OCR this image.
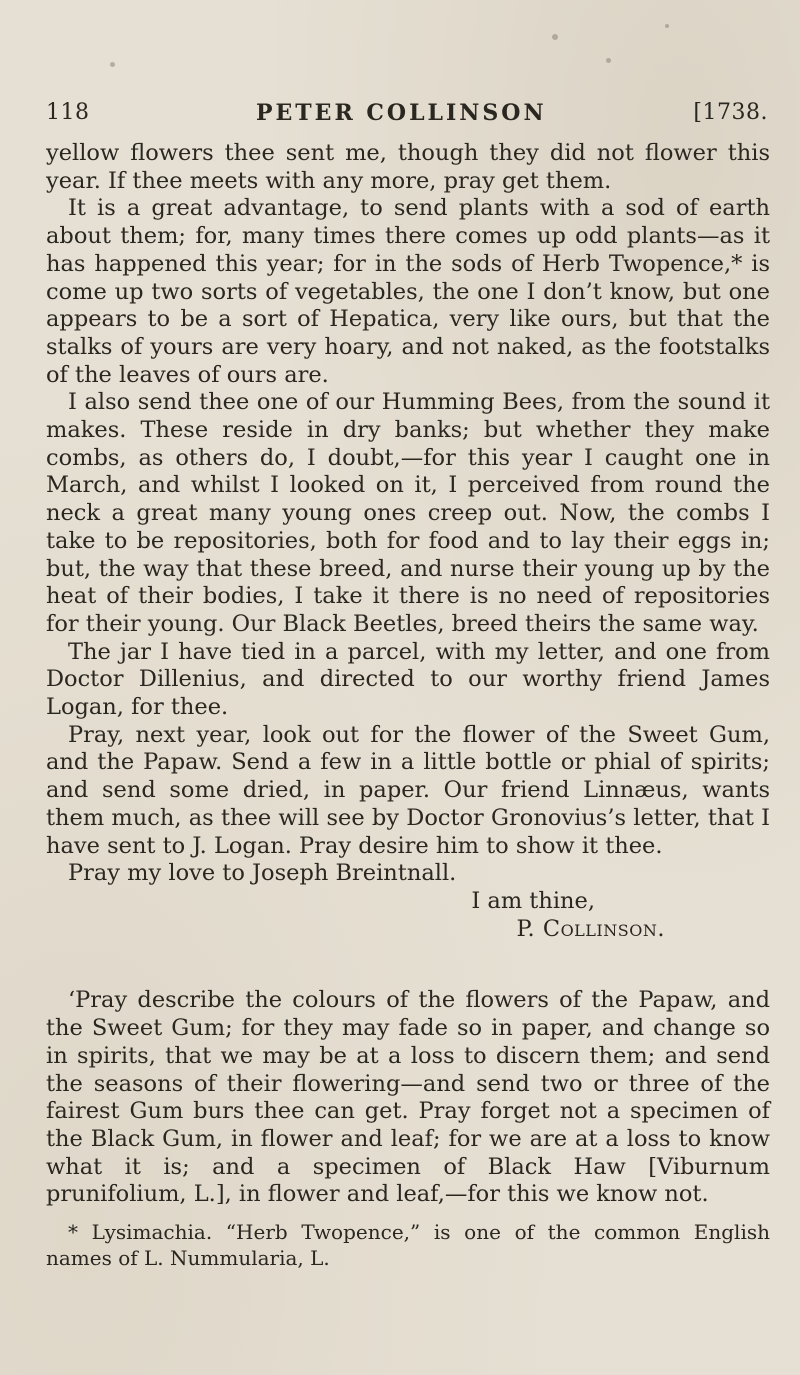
118	PETER COLLINSON	[1738.

yellow flowers thee sent me, though they did not flower this year. If thee meets with any more, pray get them.

It is a great advantage, to send plants with a sod of earth about them; for, many times there comes up odd plants—as it has happened this year; for in the sods of Herb Twopence,* is come up two sorts of vegetables, the one I don’t know, but one appears to be a sort of Hepatica, very like ours, but that the stalks of yours are very hoary, and not naked, as the footstalks of the leaves of ours are.

I also send thee one of our Humming Bees, from the sound it makes. These reside in dry banks; but whether they make combs, as others do, I doubt,—for this year I caught one in March, and whilst I looked on it, I perceived from round the neck a great many young ones creep out. Now, the combs I take to be repositories, both for food and to lay their eggs in; but, the way that these breed, and nurse their young up by the heat of their bodies, I take it there is no need of repositories for their young. Our Black Beetles, breed theirs the same way.

The jar I have tied in a parcel, with my letter, and one from Doctor Dillenius, and directed to our worthy friend James Logan, for thee.

Pray, next year, look out for the flower of the Sweet Gum, and the Papaw. Send a few in a little bottle or phial of spirits; and send some dried, in paper. Our friend Linnæus, wants them much, as thee will see by Doctor Gronovius’s letter, that I have sent to J. Logan. Pray desire him to show it thee.

Pray my love to Joseph Breintnall.

I am thine,
P. Collinson.

‘Pray describe the colours of the flowers of the Papaw, and the Sweet Gum; for they may fade so in paper, and change so in spirits, that we may be at a loss to discern them; and send the seasons of their flowering—and send two or three of the fairest Gum burs thee can get. Pray forget not a specimen of the Black Gum, in flower and leaf; for we are at a loss to know what it is; and a specimen of Black Haw [Viburnum prunifolium, L.], in flower and leaf,—for this we know not.

* Lysimachia. “Herb Twopence,” is one of the common English names of L. Nummularia, L.
